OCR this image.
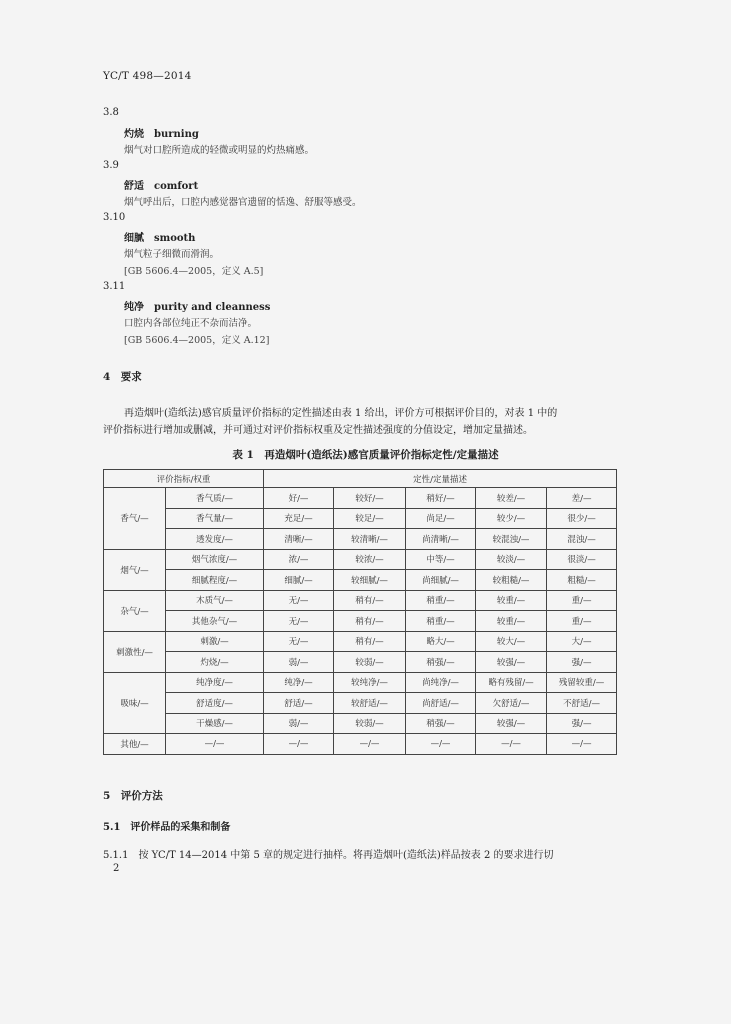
YC/T 498—2014
3.8
灼烧　burning
烟气对口腔所造成的轻微或明显的灼热痛感。
3.9
舒适　comfort
烟气呼出后，口腔内感觉器官遗留的恬逸、舒服等感受。
3.10
细腻　smooth
烟气粒子细微而滑润。
[GB 5606.4—2005，定义 A.5]
3.11
纯净　purity and cleanness
口腔内各部位纯正不杂而洁净。
[GB 5606.4—2005，定义 A.12]
4　要求
再造烟叶(造纸法)感官质量评价指标的定性描述由表 1 给出，评价方可根据评价目的，对表 1 中的
评价指标进行增加或删减，并可通过对评价指标权重及定性描述强度的分值设定，增加定量描述。
表 1　再造烟叶(造纸法)感官质量评价指标定性/定量描述
评价指标/权重		定性/定量描述				
香气/—	香气质/—	好/—	较好/—	稍好/—	较差/—	差/—
	香气量/—	充足/—	较足/—	尚足/—	较少/—	很少/—
	透发度/—	清晰/—	较清晰/—	尚清晰/—	较混浊/—	混浊/—
烟气/—	烟气浓度/—	浓/—	较浓/—	中等/—	较淡/—	很淡/—
	细腻程度/—	细腻/—	较细腻/—	尚细腻/—	较粗糙/—	粗糙/—
杂气/—	木质气/—	无/—	稍有/—	稍重/—	较重/—	重/—
	其他杂气/—	无/—	稍有/—	稍重/—	较重/—	重/—
刺激性/—	刺激/—	无/—	稍有/—	略大/—	较大/—	大/—
	灼烧/—	弱/—	较弱/—	稍强/—	较强/—	强/—
吸味/—	纯净度/—	纯净/—	较纯净/—	尚纯净/—	略有残留/—	残留较重/—
	舒适度/—	舒适/—	较舒适/—	尚舒适/—	欠舒适/—	不舒适/—
	干燥感/—	弱/—	较弱/—	稍强/—	较强/—	强/—
其他/—	—/—	—/—	—/—	—/—	—/—	—/—
5　评价方法
5.1　评价样品的采集和制备
5.1.1　按 YC/T 14—2014 中第 5 章的规定进行抽样。将再造烟叶(造纸法)样品按表 2 的要求进行切
2
